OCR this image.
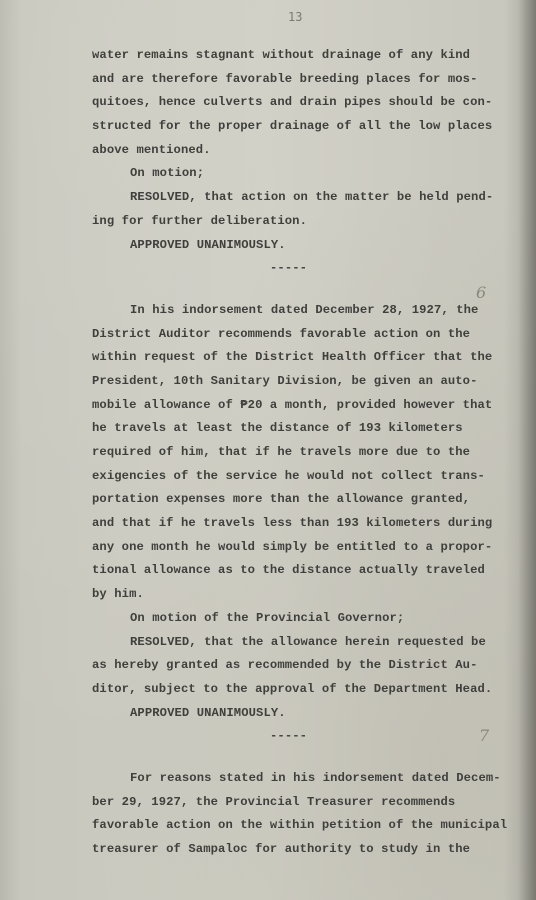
13
6
7
water remains stagnant without drainage of any kind
and are therefore favorable breeding places for mos-
quitoes, hence culverts and drain pipes should be con-
structed for the proper drainage of all the low places
above mentioned.
On motion;
RESOLVED, that action on the matter be held pend-
ing for further deliberation.
APPROVED UNANIMOUSLY.
-----
In his indorsement dated December 28, 1927, the
District Auditor recommends favorable action on the
within request of the District Health Officer that the
President, 10th Sanitary Division, be given an auto-
mobile allowance of ₱20 a month, provided however that
he travels at least the distance of 193 kilometers
required of him, that if he travels more due to the
exigencies of the service he would not collect trans-
portation expenses more than the allowance granted,
and that if he travels less than 193 kilometers during
any one month he would simply be entitled to a propor-
tional allowance as to the distance actually traveled
by him.
On motion of the Provincial Governor;
RESOLVED, that the allowance herein requested be
as hereby granted as recommended by the District Au-
ditor, subject to the approval of the Department Head.
APPROVED UNANIMOUSLY.
-----
For reasons stated in his indorsement dated Decem-
ber 29, 1927, the Provincial Treasurer recommends
favorable action on the within petition of the municipal
treasurer of Sampaloc for authority to study in the
